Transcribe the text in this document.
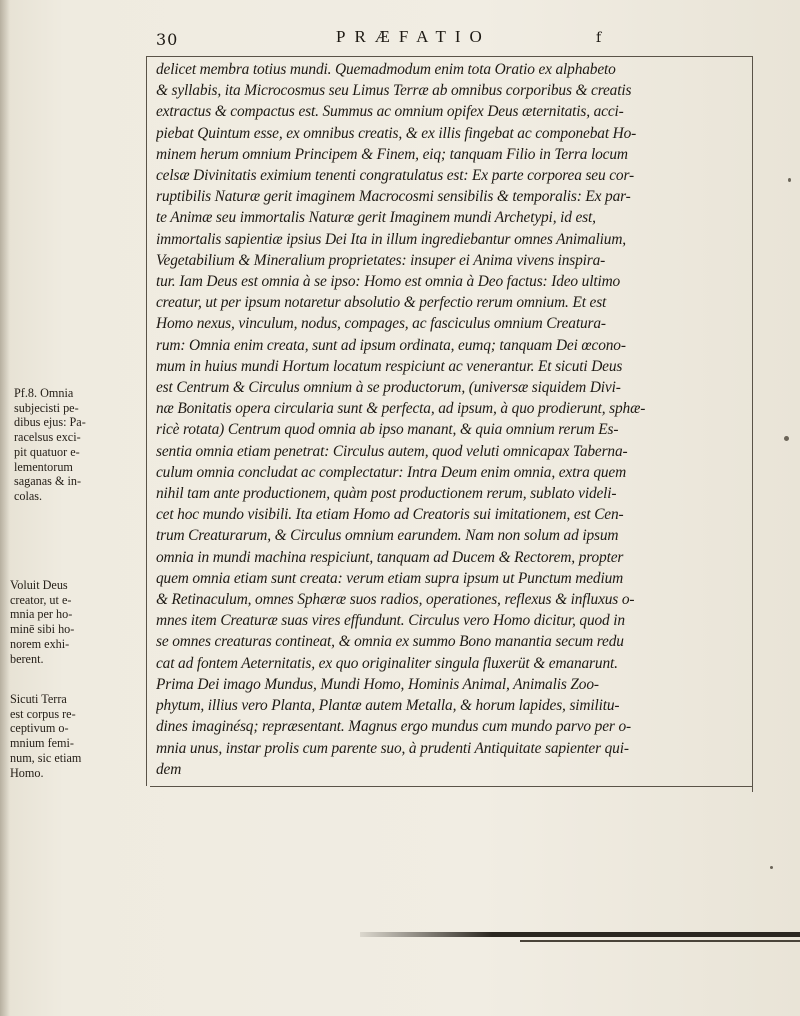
30	PRÆFATIO	f
delicet membra totius mundi. Quemadmodum enim tota Oratio ex alphabeto
& syllabis, ita Microcosmus seu Limus Terræ ab omnibus corporibus & creatis
extractus & compactus est. Summus ac omnium opifex Deus æternitatis, acci-
piebat Quintum esse, ex omnibus creatis, & ex illis fingebat ac componebat Ho-
minem herum omnium Principem & Finem, eiq; tanquam Filio in Terra locum
celsæ Divinitatis eximium tenenti congratulatus est: Ex parte corporea seu cor-
ruptibilis Naturæ gerit imaginem Macrocosmi sensibilis & temporalis: Ex par-
te Animæ seu immortalis Naturæ gerit Imaginem mundi Archetypi, id est,
immortalis sapientiæ ipsius Dei Ita in illum ingrediebantur omnes Animalium,
Vegetabilium & Mineralium proprietates: insuper ei Anima vivens inspira-
tur. Iam Deus est omnia à se ipso: Homo est omnia à Deo factus: Ideo ultimo
creatur, ut per ipsum notaretur absolutio & perfectio rerum omnium. Et est
Homo nexus, vinculum, nodus, compages, ac fasciculus omnium Creatura-
rum: Omnia enim creata, sunt ad ipsum ordinata, eumq; tanquam Dei œcono-
mum in huius mundi Hortum locatum respiciunt ac venerantur. Et sicuti Deus
est Centrum & Circulus omnium à se productorum, (universæ siquidem Divi-
næ Bonitatis opera circularia sunt & perfecta, ad ipsum, à quo prodierunt, sphæ-
ricè rotata) Centrum quod omnia ab ipso manant, & quia omnium rerum Es-
sentia omnia etiam penetrat: Circulus autem, quod veluti omnicapax Taberna-
culum omnia concludat ac complectatur: Intra Deum enim omnia, extra quem
nihil tam ante productionem, quàm post productionem rerum, sublato videli-
cet hoc mundo visibili. Ita etiam Homo ad Creatoris sui imitationem, est Cen-
trum Creaturarum, & Circulus omnium earundem. Nam non solum ad ipsum
omnia in mundi machina respiciunt, tanquam ad Ducem & Rectorem, propter
quem omnia etiam sunt creata: verum etiam supra ipsum ut Punctum medium
& Retinaculum, omnes Sphæræ suos radios, operationes, reflexus & influxus o-
mnes item Creaturæ suas vires effundunt. Circulus vero Homo dicitur, quod in
se omnes creaturas contineat, & omnia ex summo Bono manantia secum redu
cat ad fontem Aeternitatis, ex quo originaliter singula fluxerüt & emanarunt.
Prima Dei imago Mundus, Mundi Homo, Hominis Animal, Animalis Zoo-
phytum, illius vero Planta, Plantæ autem Metalla, & horum lapides, similitu-
dines imaginésq; repræsentant. Magnus ergo mundus cum mundo parvo per o-
mnia unus, instar prolis cum parente suo, à prudenti Antiquitate sapienter qui-
dem
Pf.8. Omnia
subjecisti pe-
dibus ejus: Pa-
racelsus exci-
pit quatuor e-
lementorum
saganas & in-
colas.
Voluit Deus
creator, ut e-
mnia per ho-
minē sibi ho-
norem exhi-
berent.
Sicuti Terra
est corpus re-
ceptivum o-
mnium femi-
num, sic etiam
Homo.
